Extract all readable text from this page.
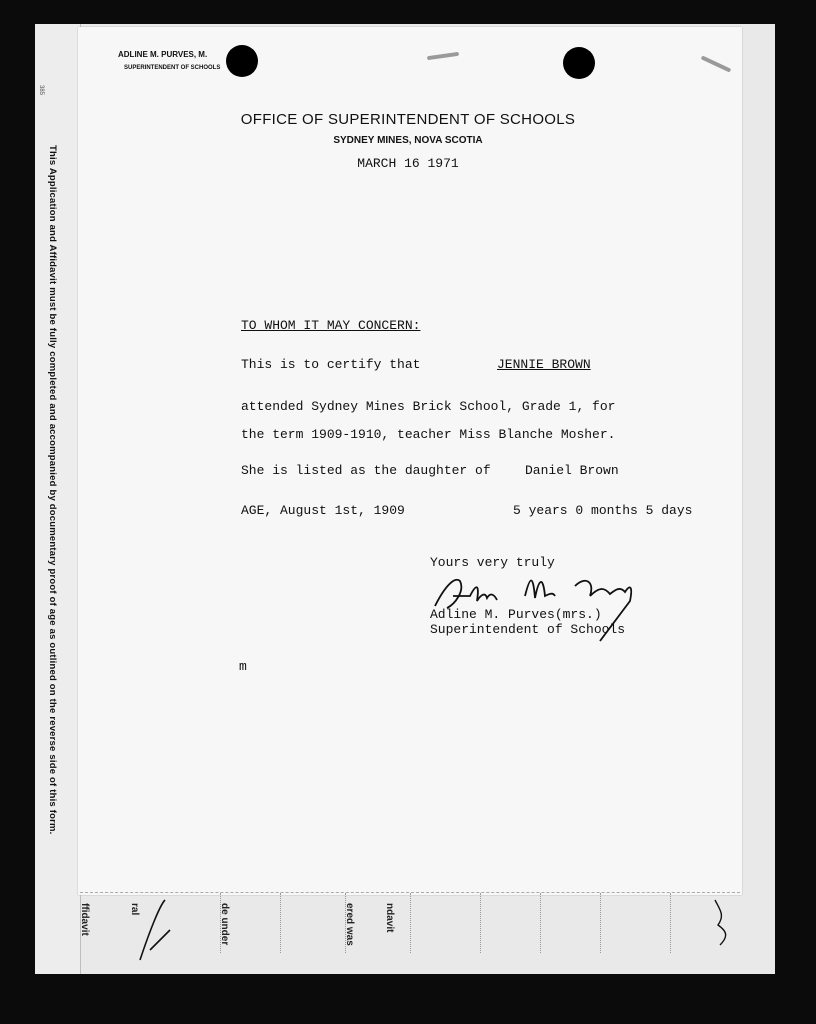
385
This Application and Affidavit must be fully completed and accompanied by documentary proof of age as outlined on the reverse side of this form.
ffidavit	ral	de under	ered was	ndavit
ADLINE M. PURVES, M.
SUPERINTENDENT OF SCHOOLS
OFFICE OF SUPERINTENDENT OF SCHOOLS
SYDNEY MINES, NOVA SCOTIA
MARCH 16 1971
TO WHOM IT MAY CONCERN:
This is to certify that	JENNIE BROWN
attended Sydney Mines Brick School, Grade 1, for
the term 1909-1910, teacher Miss Blanche Mosher.
She is listed as the daughter of	Daniel Brown
AGE, August 1st, 1909	5 years 0 months 5 days
Yours very truly
Adline M. Purves(mrs.)
Superintendent of Schools
m
